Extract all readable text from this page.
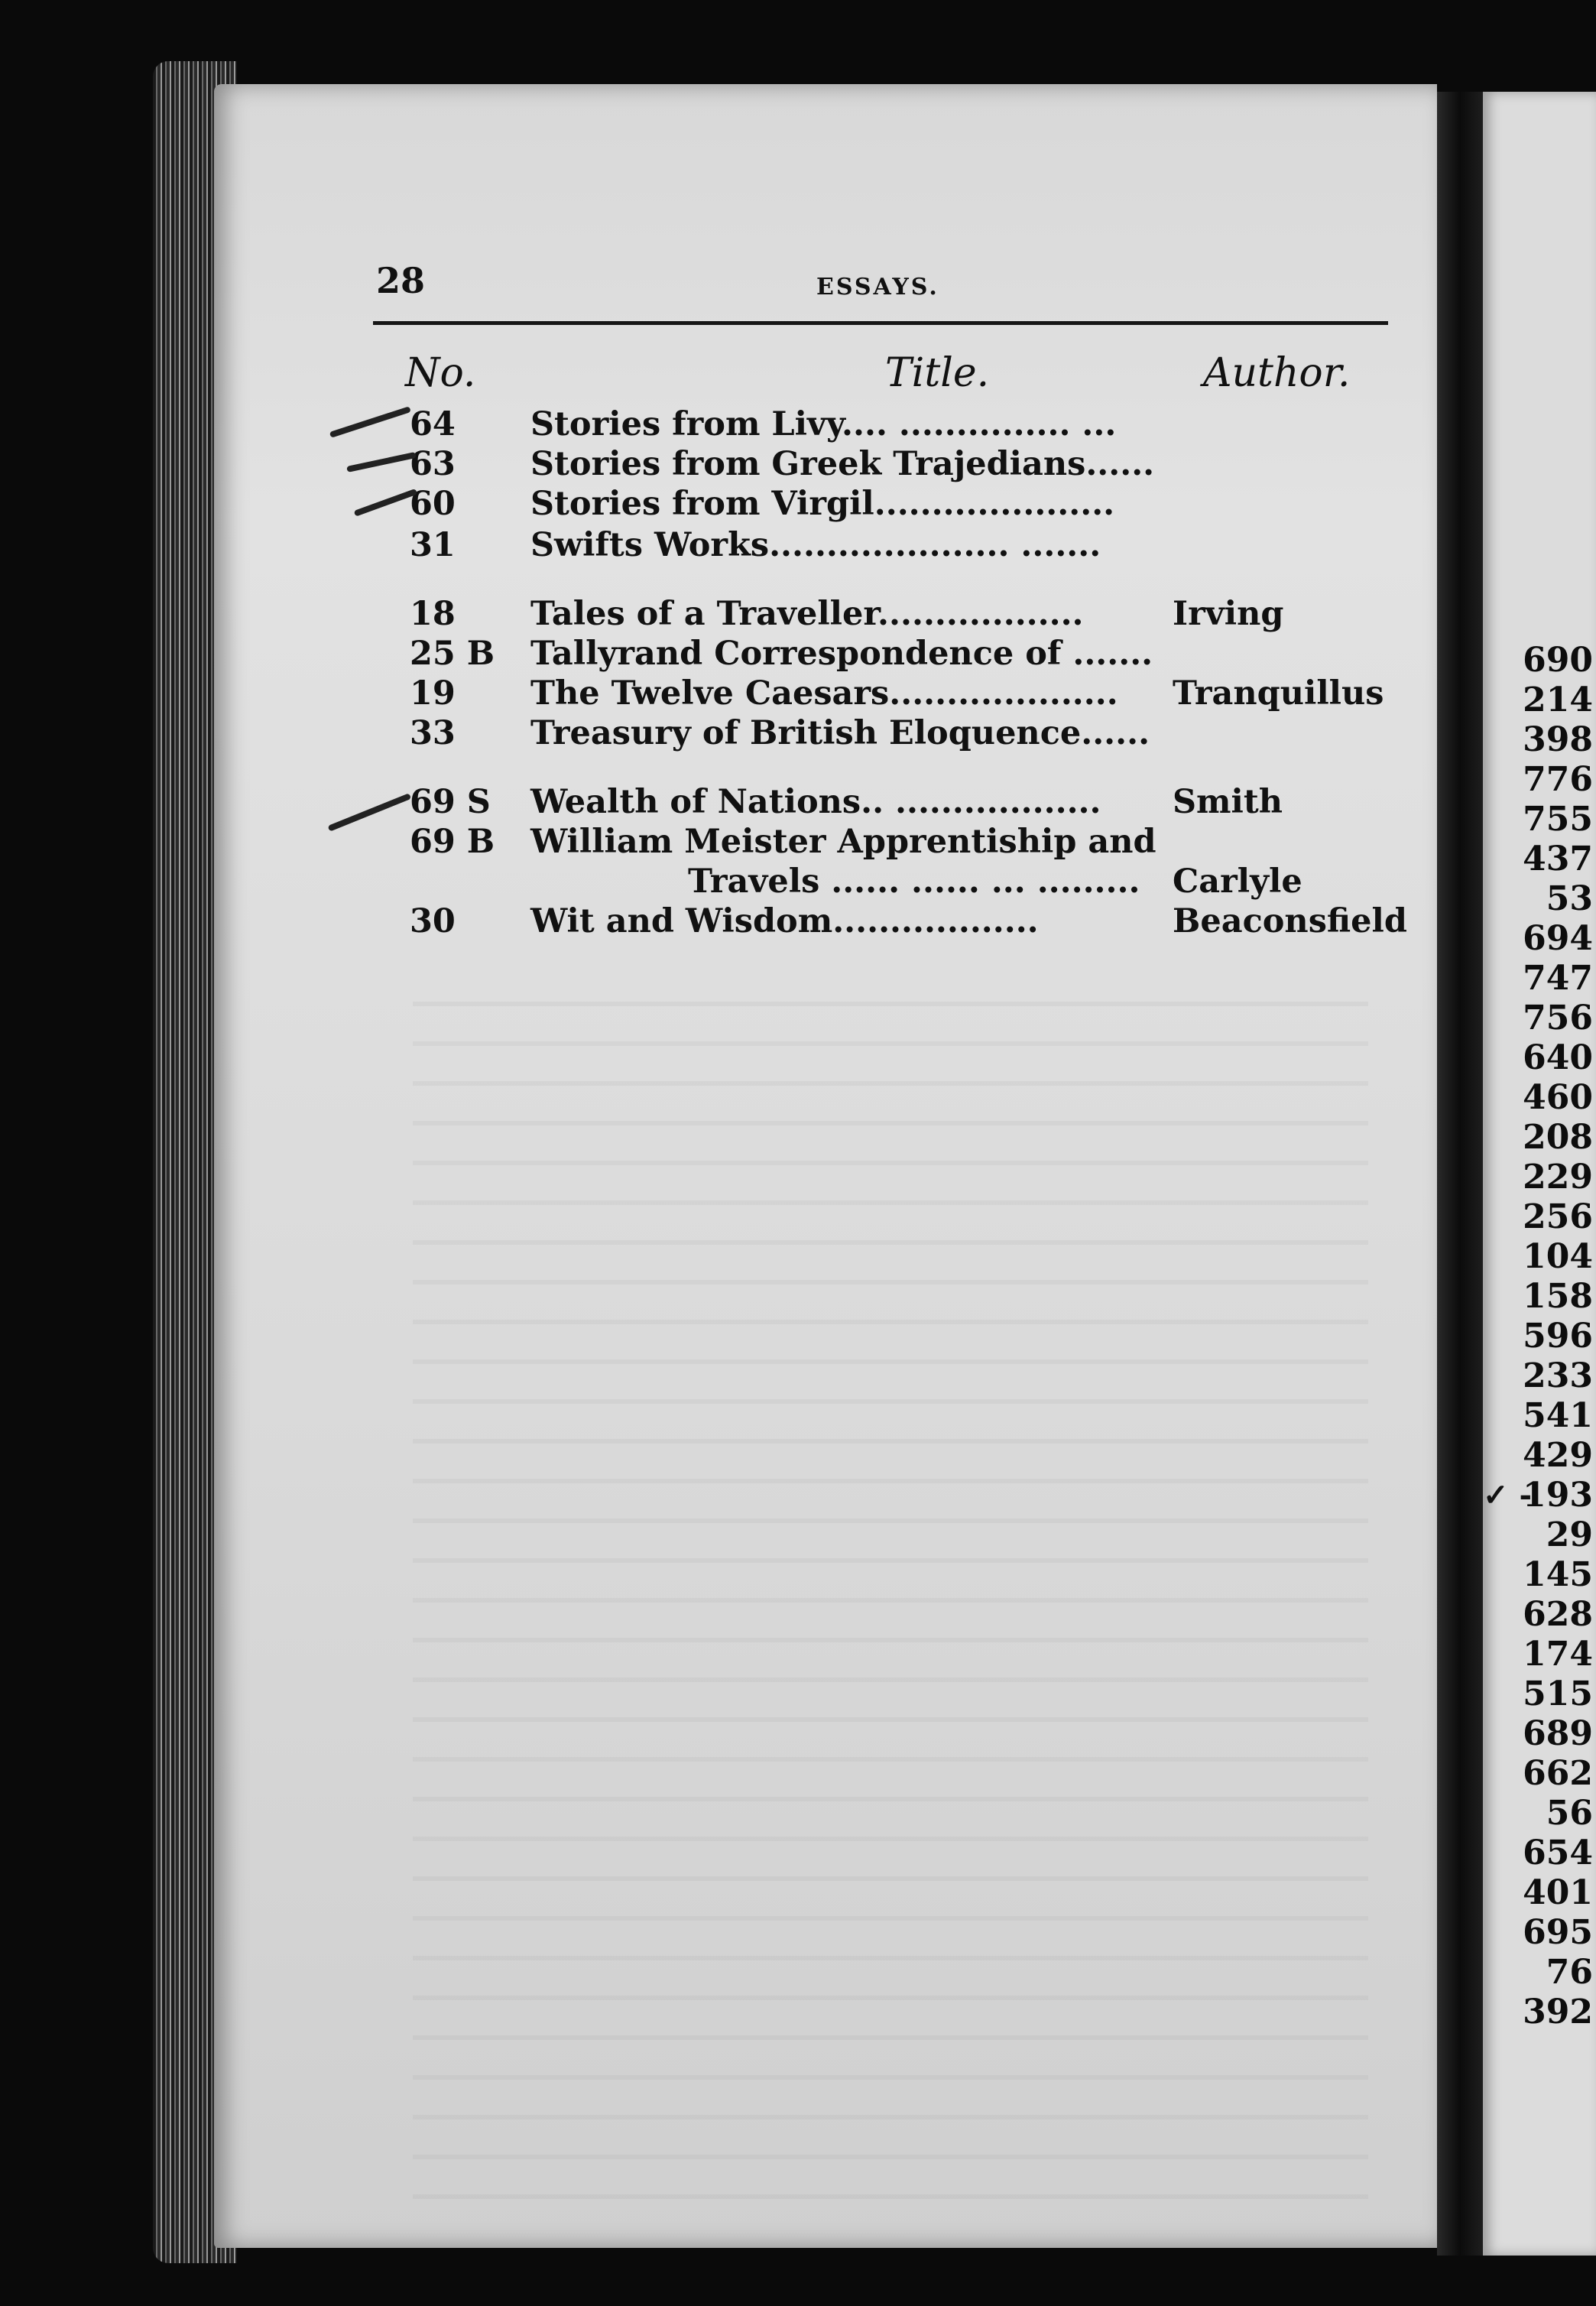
✓ -
690
214
398
776
755
437
53
694
747
756
640
460
208
229
256
104
158
596
233
541
429
193
29
145
628
174
515
689
662
56
654
401
695
76
392
28	ESSAYS.
No.	Title.	Author.
64 Stories from Livy.... ............... ...
63 Stories from Greek Trajedians......
60 Stories from Virgil.....................
31 Swifts Works..................... .......
18 Tales of a Traveller..................	Irving
25 B Tallyrand Correspondence of .......
19 The Twelve Caesars.................... Tranquillus
33 Treasury of British Eloquence......
69 S Wealth of Nations.. .................. Smith
69 B William Meister Apprentiship and
Travels ...... ...... ... ......... Carlyle
30 Wit and Wisdom..................	Beaconsfield
